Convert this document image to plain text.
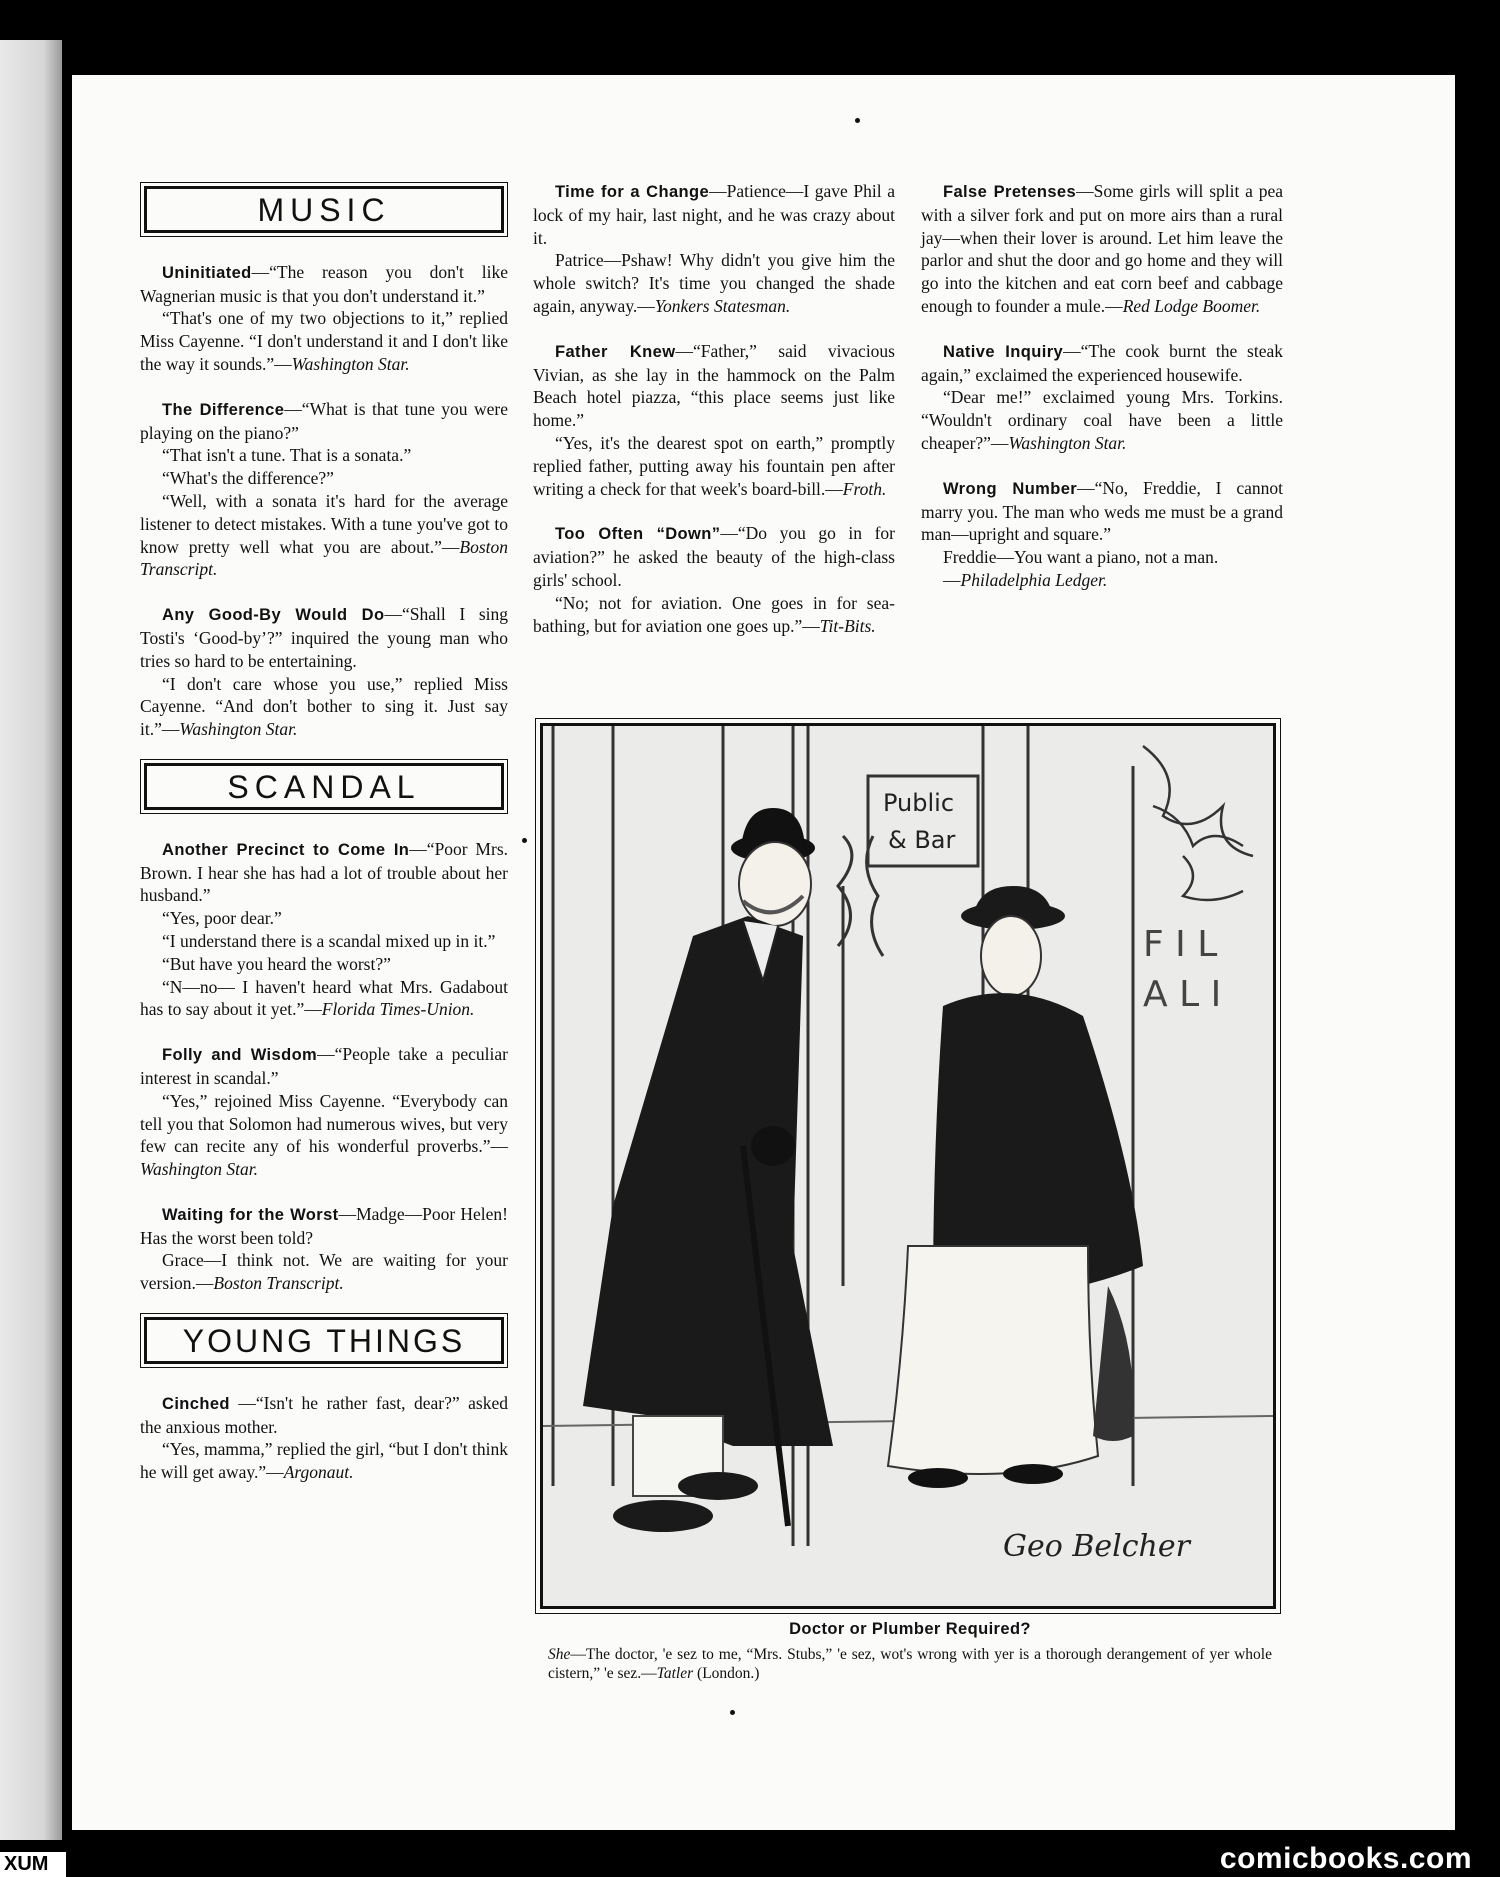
MUSIC

Uninitiated—“The reason you don't like Wagnerian music is that you don't understand it.”

“That's one of my two objections to it,” replied Miss Cayenne. “I don't understand it and I don't like the way it sounds.”—Washington Star.

The Difference—“What is that tune you were playing on the piano?”

“That isn't a tune. That is a sonata.”

“What's the difference?”

“Well, with a sonata it's hard for the average listener to detect mistakes. With a tune you've got to know pretty well what you are about.”—Boston Transcript.

Any Good-By Would Do—“Shall I sing Tosti's ‘Good-by’?” inquired the young man who tries so hard to be entertaining.

“I don't care whose you use,” replied Miss Cayenne. “And don't bother to sing it. Just say it.”—Washington Star.

SCANDAL

Another Precinct to Come In—“Poor Mrs. Brown. I hear she has had a lot of trouble about her husband.”

“Yes, poor dear.”

“I understand there is a scandal mixed up in it.”

“But have you heard the worst?”

“N—no— I haven't heard what Mrs. Gadabout has to say about it yet.”—Florida Times-Union.

Folly and Wisdom—“People take a peculiar interest in scandal.”

“Yes,” rejoined Miss Cayenne. “Everybody can tell you that Solomon had numerous wives, but very few can recite any of his wonderful proverbs.”—Washington Star.

Waiting for the Worst—Madge—Poor Helen! Has the worst been told?

Grace—I think not. We are waiting for your version.—Boston Transcript.

YOUNG THINGS

Cinched —“Isn't he rather fast, dear?” asked the anxious mother.

“Yes, mamma,” replied the girl, “but I don't think he will get away.”—Argonaut.

Time for a Change—Patience—I gave Phil a lock of my hair, last night, and he was crazy about it.

Patrice—Pshaw! Why didn't you give him the whole switch? It's time you changed the shade again, anyway.—Yonkers Statesman.

Father Knew—“Father,” said vivacious Vivian, as she lay in the hammock on the Palm Beach hotel piazza, “this place seems just like home.”

“Yes, it's the dearest spot on earth,” promptly replied father, putting away his fountain pen after writing a check for that week's board-bill.—Froth.

Too Often “Down”—“Do you go in for aviation?” he asked the beauty of the high-class girls' school.

“No; not for aviation. One goes in for sea-bathing, but for aviation one goes up.”—Tit-Bits.

False Pretenses—Some girls will split a pea with a silver fork and put on more airs than a rural jay—when their lover is around. Let him leave the parlor and shut the door and go home and they will go into the kitchen and eat corn beef and cabbage enough to founder a mule.—Red Lodge Boomer.

Native Inquiry—“The cook burnt the steak again,” exclaimed the experienced housewife.

“Dear me!” exclaimed young Mrs. Torkins. “Wouldn't ordinary coal have been a little cheaper?”—Washington Star.

Wrong Number—“No, Freddie, I cannot marry you. The man who weds me must be a grand man—upright and square.”

Freddie—You want a piano, not a man.

—Philadelphia Ledger.

Public
& Bar
F I L
A L I
Geo Belcher
Doctor or Plumber Required?
She—The doctor, 'e sez to me, “Mrs. Stubs,” 'e sez, wot's wrong with yer is a thorough derangement of yer whole cistern,” 'e sez.—Tatler (London.)
XUM	comicbooks.com
